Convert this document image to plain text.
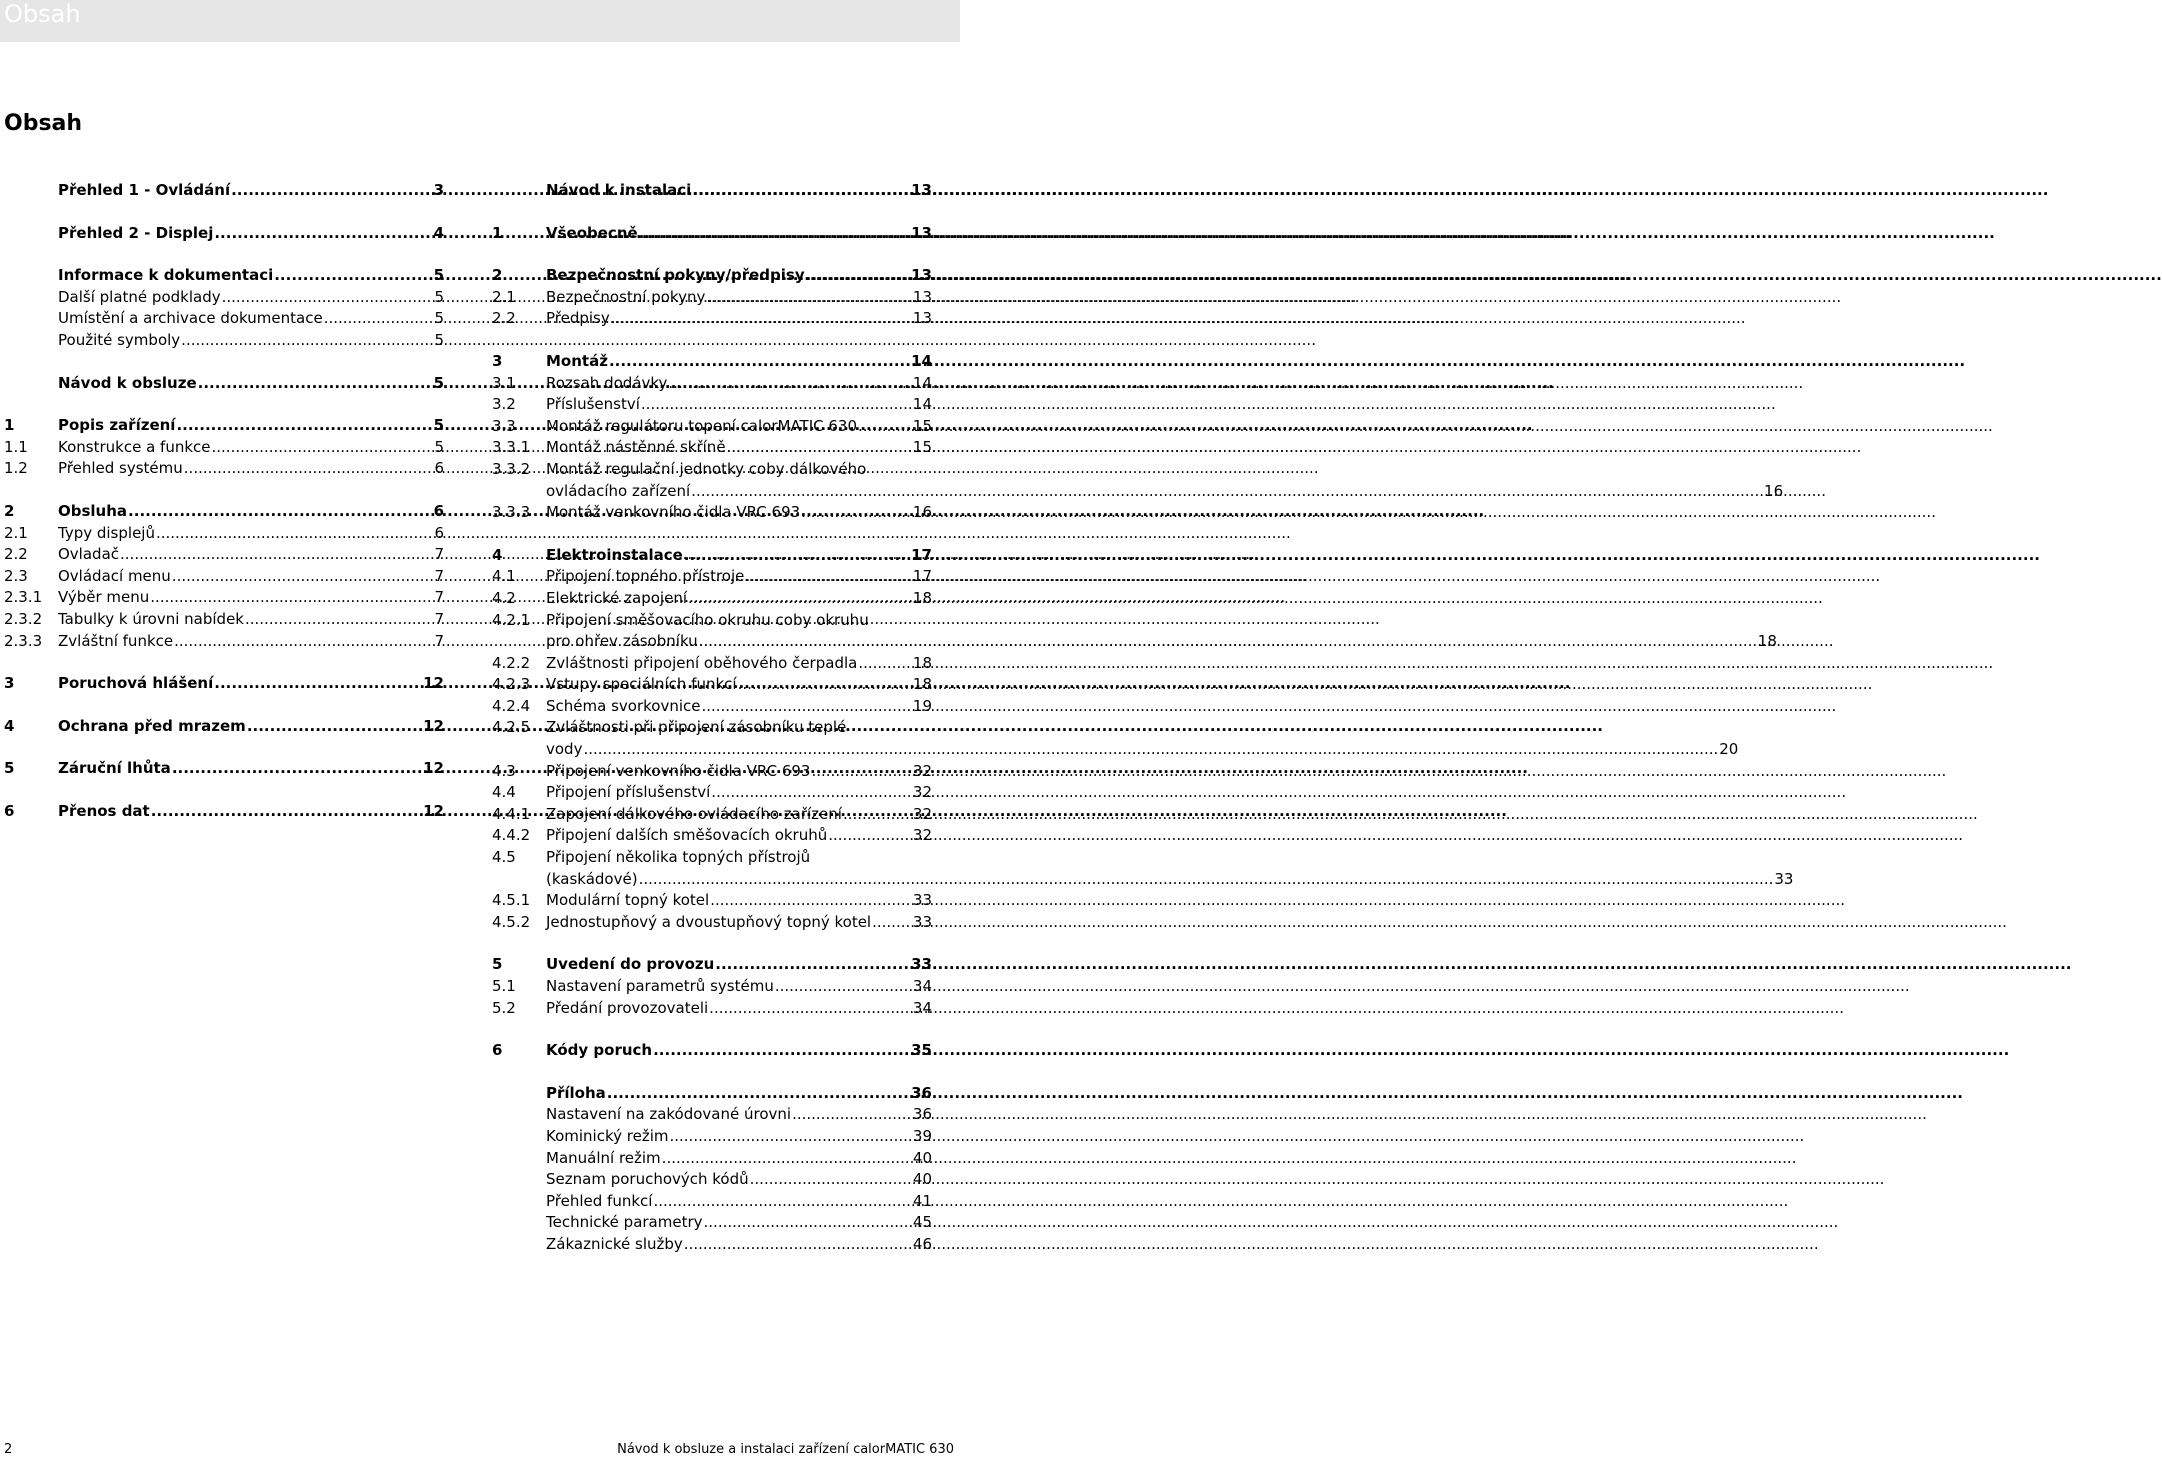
Obsah
Obsah
Přehled 1 - Ovládání .....	3
Přehled 2 - Displej .....	4
Informace k dokumentaci .....	5
Další platné podklady .....	5
Umístění a archivace dokumentace .....	5
Použité symboly .....	5
Návod k obsluze .....	5
1	Popis zařízení .....	5
1.1	Konstrukce a funkce .....	5
1.2	Přehled systému .....	6
2	Obsluha .....	6
2.1	Typy displejů .....	6
2.2	Ovladač .....	7
2.3	Ovládací menu .....	7
2.3.1	Výběr menu .....	7
2.3.2	Tabulky k úrovni nabídek .....	7
2.3.3	Zvláštní funkce .....	7
3	Poruchová hlášení .....	12
4	Ochrana před mrazem .....	12
5	Záruční lhůta .....	12
6	Přenos dat .....	12
Návod k instalaci .....	13
1	Všeobecně .....	13
2	Bezpečnostní pokyny/předpisy .....	13
2.1	Bezpečnostní pokyny .....	13
2.2	Předpisy .....	13
3	Montáž .....	14
3.1	Rozsah dodávky .....	14
3.2	Příslušenství .....	14
3.3	Montáž regulátoru topení calorMATIC 630 .....	15
3.3.1	Montáž nástěnné skříně .....	15
3.3.2	Montáž regulační jednotky coby dálkového
ovládacího zařízení .....	16
3.3.3	Montáž venkovního čidla VRC 693 .....	16
4	Elektroinstalace .....	17
4.1	Připojení topného přístroje .....	17
4.2	Elektrické zapojení .....	18
4.2.1	Připojení směšovacího okruhu coby okruhu
pro ohřev zásobníku .....	18
4.2.2	Zvláštnosti připojení oběhového čerpadla .....	18
4.2.3	Vstupy speciálních funkcí .....	18
4.2.4	Schéma svorkovnice .....	19
4.2.5	Zvláštnosti při připojení zásobníku teplé
vody .....	20
4.3	Připojení venkovního čidla VRC 693 .....	32
4.4	Připojení příslušenství .....	32
4.4.1	Zapojení dálkového ovládacího zařízení .....	32
4.4.2	Připojení dalších směšovacích okruhů .....	32
4.5	Připojení několika topných přístrojů
(kaskádové) .....	33
4.5.1	Modulární topný kotel .....	33
4.5.2	Jednostupňový a dvoustupňový topný kotel .....	33
5	Uvedení do provozu .....	33
5.1	Nastavení parametrů systému .....	34
5.2	Předání provozovateli .....	34
6	Kódy poruch .....	35
Příloha .....	36
Nastavení na zakódované úrovni .....	36
Kominický režim .....	39
Manuální režim .....	40
Seznam poruchových kódů .....	40
Přehled funkcí .....	41
Technické parametry .....	45
Zákaznické služby .....	46
2	Návod k obsluze a instalaci zařízení calorMATIC 630
